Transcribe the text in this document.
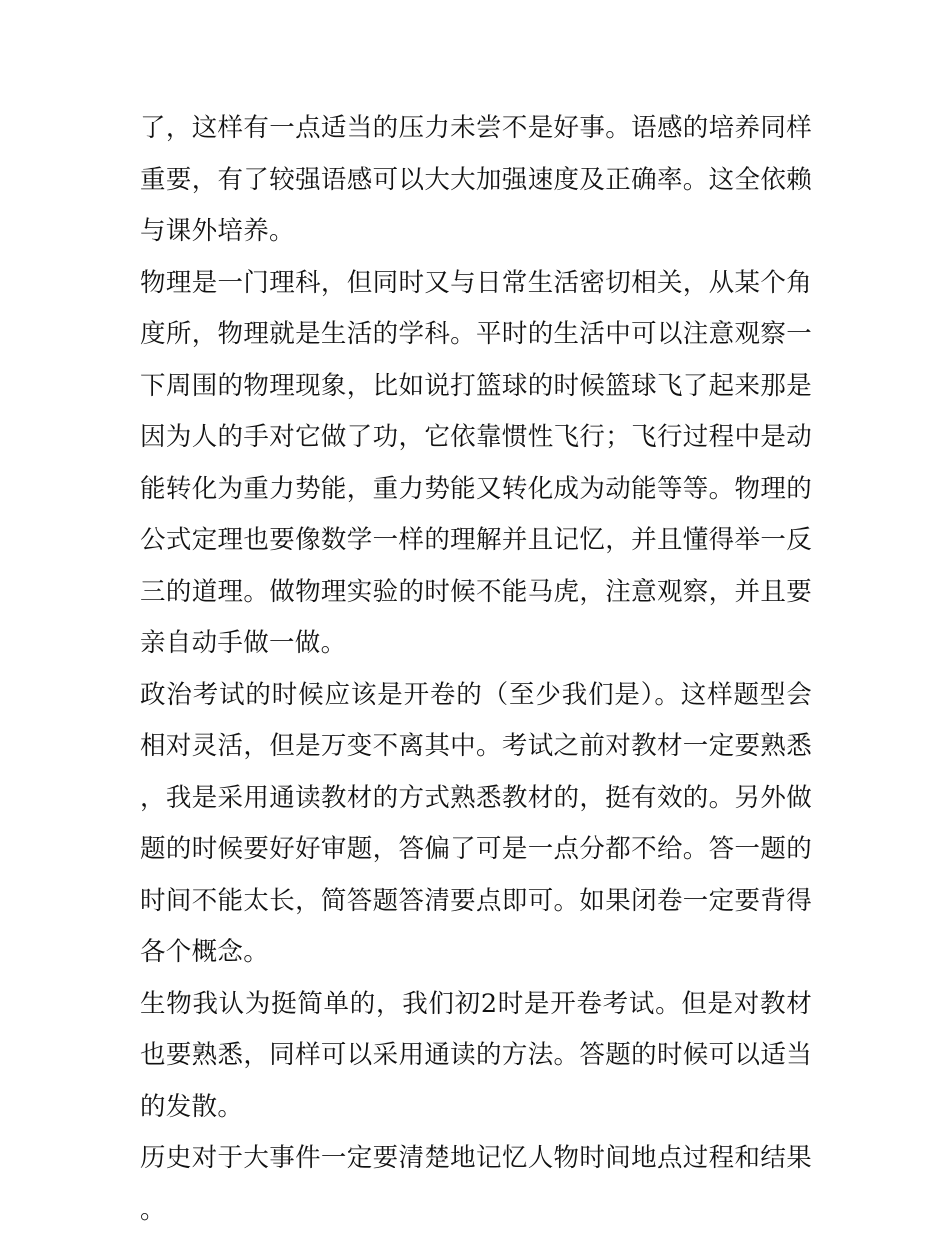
了，这样有一点适当的压力未尝不是好事。语感的培养同样重要，有了较强语感可以大大加强速度及正确率。这全依赖与课外培养。

物理是一门理科，但同时又与日常生活密切相关，从某个角度所，物理就是生活的学科。平时的生活中可以注意观察一下周围的物理现象，比如说打篮球的时候篮球飞了起来那是因为人的手对它做了功，它依靠惯性飞行；飞行过程中是动能转化为重力势能，重力势能又转化成为动能等等。物理的公式定理也要像数学一样的理解并且记忆，并且懂得举一反三的道理。做物理实验的时候不能马虎，注意观察，并且要亲自动手做一做。

政治考试的时候应该是开卷的（至少我们是）。这样题型会相对灵活，但是万变不离其中。考试之前对教材一定要熟悉，我是采用通读教材的方式熟悉教材的，挺有效的。另外做题的时候要好好审题，答偏了可是一点分都不给。答一题的时间不能太长，简答题答清要点即可。如果闭卷一定要背得各个概念。

生物我认为挺简单的，我们初2时是开卷考试。但是对教材也要熟悉，同样可以采用通读的方法。答题的时候可以适当的发散。

历史对于大事件一定要清楚地记忆人物时间地点过程和结果。
